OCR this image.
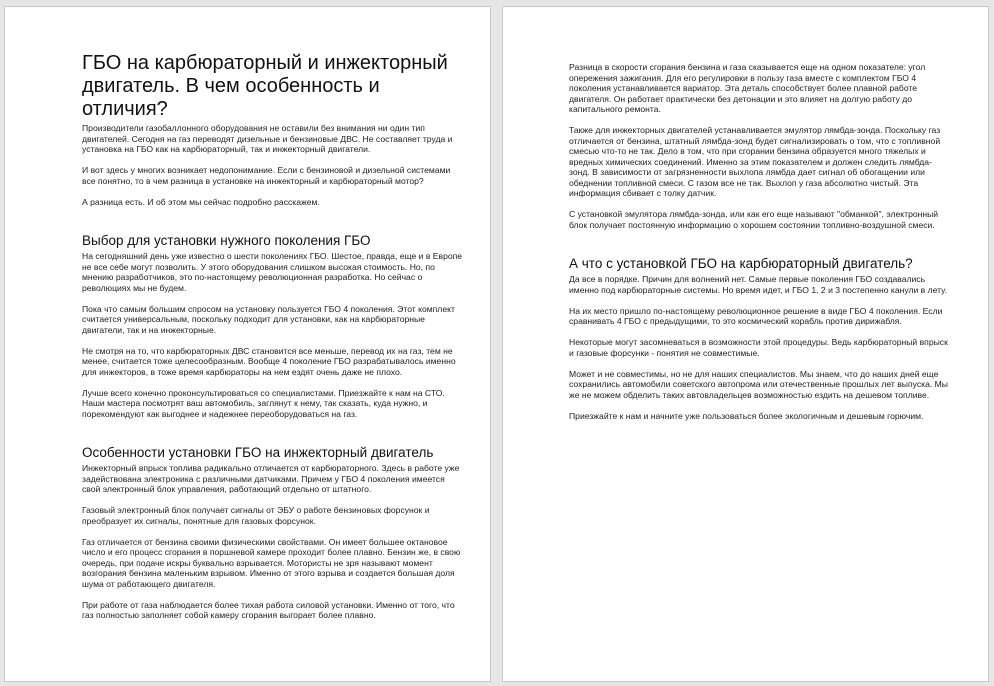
ГБО на карбюраторный и инжекторный двигатель. В чем особенность и отличия?

Производители газобаллонного оборудования не оставили без внимания ни один тип двигателей. Сегодня на газ переводят дизельные и бензиновые ДВС. Не составляет труда и установка на ГБО как на карбюраторный, так и инжекторный двигатели.

И вот здесь у многих возникает недопонимание. Если с бензиновой и дизельной системами все понятно, то в чем разница в установке на инжекторный и карбюраторный мотор?

А разница есть. И об этом мы сейчас подробно расскажем.

Выбор для установки нужного поколения ГБО

На сегодняшний день уже известно о шести поколениях ГБО. Шестое, правда, еще и в Европе не все себе могут позволить. У этого оборудования слишком высокая стоимость. Но, по мнению разработчиков, это по-настоящему революционная разработка. Но сейчас о революциях мы не будем.

Пока что самым большим спросом на установку пользуется ГБО 4 поколения. Этот комплект считается универсальным, поскольку подходит для установки, как на карбюраторные двигатели, так и на инжекторные.

Не смотря на то, что карбюраторных ДВС становится все меньше, перевод их на газ, тем не менее, считается тоже целесообразным. Вообще 4 поколение ГБО разрабатывалось именно для инжекторов, в тоже время карбюраторы на нем ездят очень даже не плохо.

Лучше всего конечно проконсультироваться со специалистами. Приезжайте к нам на СТО. Наши мастера посмотрят ваш автомобиль, заглянут к нему, так сказать, куда нужно, и порекомендуют как выгоднее и надежнее переоборудоваться на газ.

Особенности установки ГБО на инжекторный двигатель

Инжекторный впрыск топлива радикально отличается от карбюраторного. Здесь в работе уже задействована электроника с различными датчиками. Причем у ГБО 4 поколения имеется свой электронный блок управления, работающий отдельно от штатного.

Газовый электронный блок получает сигналы от ЭБУ о работе бензиновых форсунок и преобразует их сигналы, понятные для газовых форсунок.

Газ отличается от бензина своими физическими свойствами. Он имеет большее октановое число и его процесс сгорания в поршневой камере проходит более плавно. Бензин же, в свою очередь, при подаче искры буквально взрывается. Мотористы не зря называют момент возгорания бензина маленьким взрывом. Именно от этого взрыва и создается большая доля шума от работающего двигателя.

При работе от газа наблюдается более тихая работа силовой установки. Именно от того, что газ полностью заполняет собой камеру сгорания выгорает более плавно.

Разница в скорости сгорания бензина и газа сказывается еще на одном показателе: угол опережения зажигания. Для его регулировки в пользу газа вместе с комплектом ГБО 4 поколения устанавливается вариатор. Эта деталь способствует более плавной работе двигателя. Он работает практически без детонации и это влияет на долгую работу до капитального ремонта.

Также для инжекторных двигателей устанавливается эмулятор лямбда-зонда. Поскольку газ отличается от бензина, штатный лямбда-зонд будет сигнализировать о том, что с топливной смесью что-то не так. Дело в том, что при сгорании бензина образуется много тяжелых и вредных химических соединений. Именно за этим показателем и должен следить лямбда-зонд. В зависимости от загрязненности выхлопа лямбда дает сигнал об обогащении или обеднении топливной смеси. С газом все не так. Выхлоп у газа абсолютно чистый. Эта информация сбивает с толку датчик.

С установкой эмулятора лямбда-зонда, или как его еще называют "обманкой", электронный блок получает постоянную информацию о хорошем состоянии топливно-воздушной смеси.

А что с установкой ГБО на карбюраторный двигатель?

Да все в порядке. Причин для волнений нет. Самые первые поколения ГБО создавались именно под карбюраторные системы. Но время идет, и ГБО 1, 2 и 3 постепенно канули в лету.

На их место пришло по-настоящему революционное решение в виде ГБО 4 поколения. Если сравнивать 4 ГБО с предыдущими, то это космический корабль против дирижабля.

Некоторые могут засомневаться в возможности этой процедуры. Ведь карбюраторный впрыск и газовые форсунки - понятия не совместимые.

Может и не совместимы, но не для наших специалистов. Мы знаем, что до наших дней еще сохранились автомобили советского автопрома или отечественные прошлых лет выпуска. Мы же не можем обделить таких автовладельцев возможностью ездить на дешевом топливе.

Приезжайте к нам и начните уже пользоваться более экологичным и дешевым горючим.
